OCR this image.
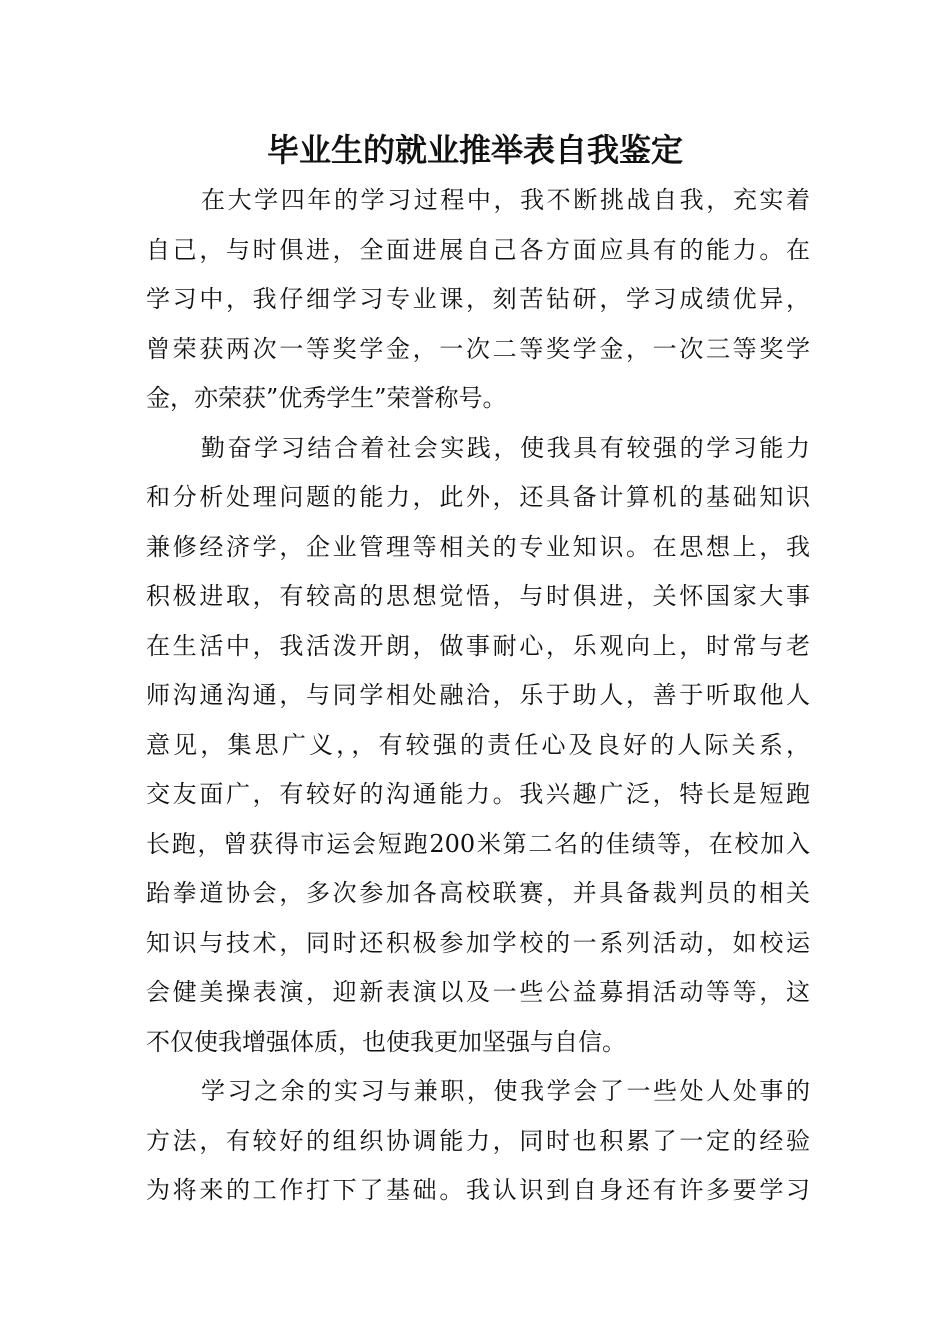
毕业生的就业推举表自我鉴定
在大学四年的学习过程中，我不断挑战自我，充实着
自己，与时俱进，全面进展自己各方面应具有的能力。在
学习中，我仔细学习专业课，刻苦钻研，学习成绩优异，
曾荣获两次一等奖学金，一次二等奖学金，一次三等奖学
金，亦荣获”优秀学生”荣誉称号。
勤奋学习结合着社会实践，使我具有较强的学习能力
和分析处理问题的能力，此外，还具备计算机的基础知识
兼修经济学，企业管理等相关的专业知识。在思想上，我
积极进取，有较高的思想觉悟，与时俱进，关怀国家大事
在生活中，我活泼开朗，做事耐心，乐观向上，时常与老
师沟通沟通，与同学相处融洽，乐于助人，善于听取他人
意见，集思广义，，有较强的责任心及良好的人际关系，
交友面广，有较好的沟通能力。我兴趣广泛，特长是短跑
长跑，曾获得市运会短跑200米第二名的佳绩等，在校加入
跆拳道协会，多次参加各高校联赛，并具备裁判员的相关
知识与技术，同时还积极参加学校的一系列活动，如校运
会健美操表演，迎新表演以及一些公益募捐活动等等，这
不仅使我增强体质，也使我更加坚强与自信。
学习之余的实习与兼职，使我学会了一些处人处事的
方法，有较好的组织协调能力，同时也积累了一定的经验
为将来的工作打下了基础。我认识到自身还有许多要学习
